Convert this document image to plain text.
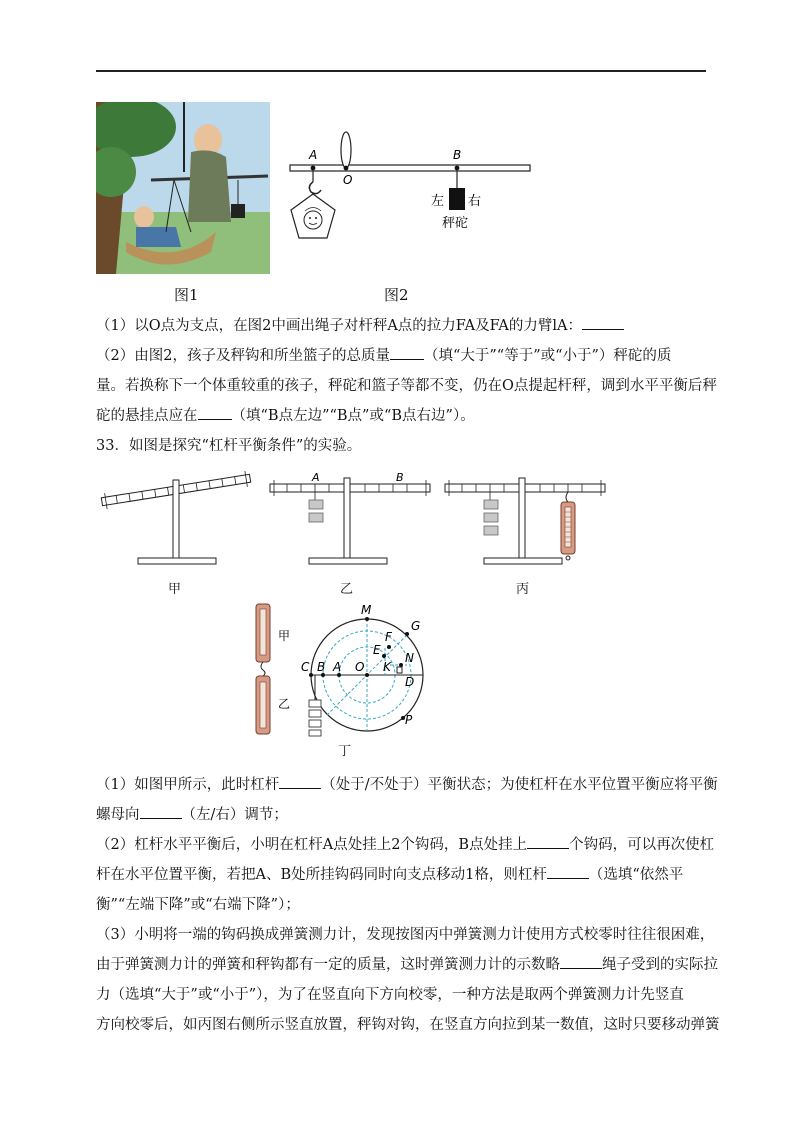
图1
A
O
B
左 右
秤砣
图2
（1）以O点为支点，在图2中画出绳子对杆秤A点的拉力FA及FA的力臂lA：
（2）由图2，孩子及秤钩和所坐篮子的总质量 （填“大于”“等于”或“小于”）秤砣的质
量。若换称下一个体重较重的孩子，秤砣和篮子等都不变，仍在O点提起杆秤，调到水平平衡后秤
砣的悬挂点应在 （填“B点左边”“B点”或“B点右边”）。
33．如图是探究“杠杆平衡条件”的实验。
甲
A	B
乙	丙
甲
乙
M
G
F
E
N
C B A O K
D
P
丁
（1）如图甲所示，此时杠杆	（处于/不处于）平衡状态；为使杠杆在水平位置平衡应将平衡
螺母向	（左/右）调节；
（2）杠杆水平平衡后，小明在杠杆A点处挂上2个钩码，B点处挂上	个钩码，可以再次使杠
杆在水平位置平衡，若把A、B处所挂钩码同时向支点移动1格，则杠杆	（选填“依然平
衡”“左端下降”或“右端下降”）；
（3）小明将一端的钩码换成弹簧测力计，发现按图丙中弹簧测力计使用方式校零时往往很困难，
由于弹簧测力计的弹簧和秤钩都有一定的质量，这时弹簧测力计的示数略	绳子受到的实际拉
力（选填“大于”或“小于”），为了在竖直向下方向校零，一种方法是取两个弹簧测力计先竖直
方向校零后，如丙图右侧所示竖直放置，秤钩对钩，在竖直方向拉到某一数值，这时只要移动弹簧
